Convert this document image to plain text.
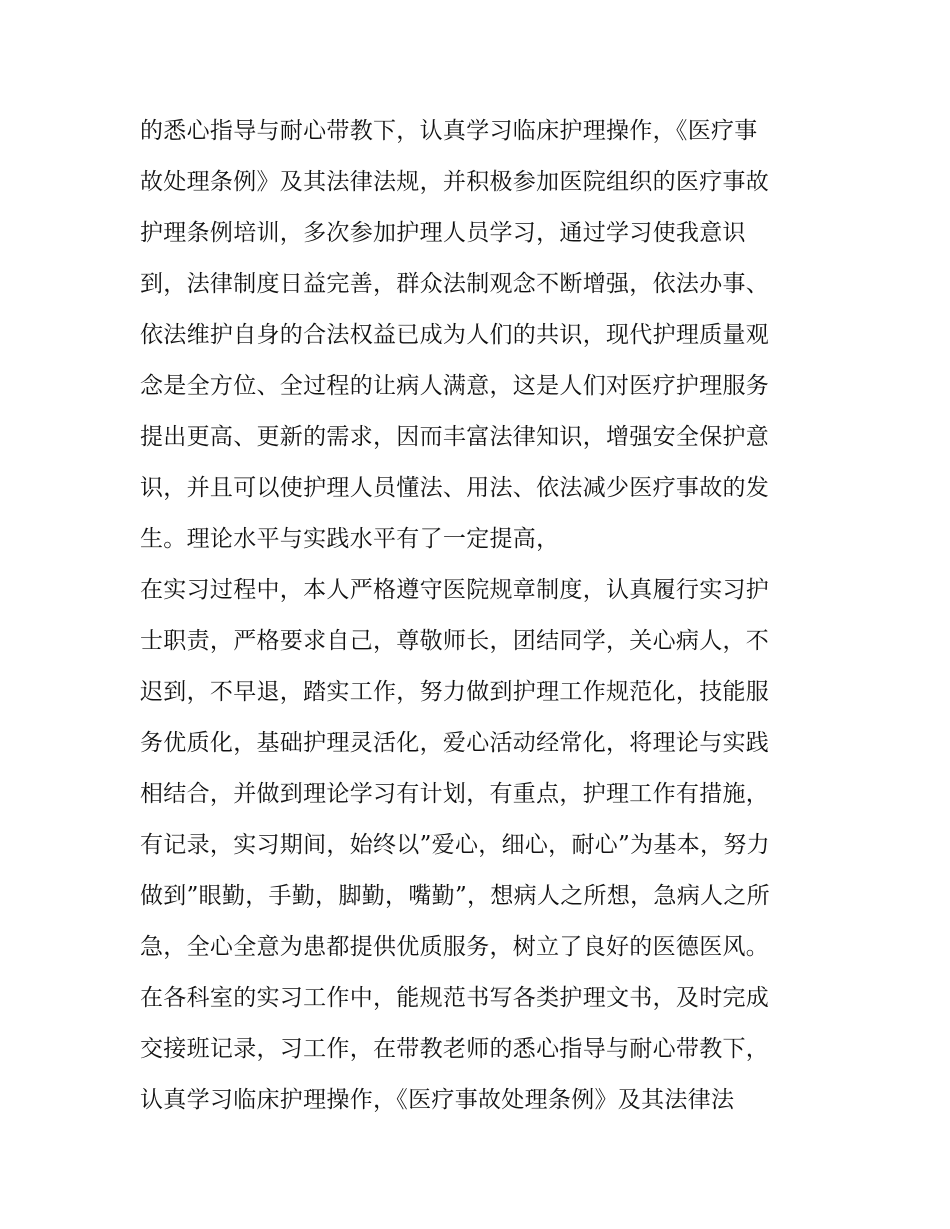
的悉心指导与耐心带教下，认真学习临床护理操作，《医疗事
故处理条例》及其法律法规，并积极参加医院组织的医疗事故
护理条例培训，多次参加护理人员学习，通过学习使我意识
到，法律制度日益完善，群众法制观念不断增强，依法办事、
依法维护自身的合法权益已成为人们的共识，现代护理质量观
念是全方位、全过程的让病人满意，这是人们对医疗护理服务
提出更高、更新的需求，因而丰富法律知识，增强安全保护意
识，并且可以使护理人员懂法、用法、依法减少医疗事故的发
生。理论水平与实践水平有了一定提高，
在实习过程中，本人严格遵守医院规章制度，认真履行实习护
士职责，严格要求自己，尊敬师长，团结同学，关心病人，不
迟到，不早退，踏实工作，努力做到护理工作规范化，技能服
务优质化，基础护理灵活化，爱心活动经常化，将理论与实践
相结合，并做到理论学习有计划，有重点，护理工作有措施，
有记录，实习期间，始终以”爱心，细心，耐心”为基本，努力
做到”眼勤，手勤，脚勤，嘴勤”，想病人之所想，急病人之所
急，全心全意为患都提供优质服务，树立了良好的医德医风。
在各科室的实习工作中，能规范书写各类护理文书，及时完成
交接班记录，习工作，在带教老师的悉心指导与耐心带教下，
认真学习临床护理操作，《医疗事故处理条例》及其法律法
